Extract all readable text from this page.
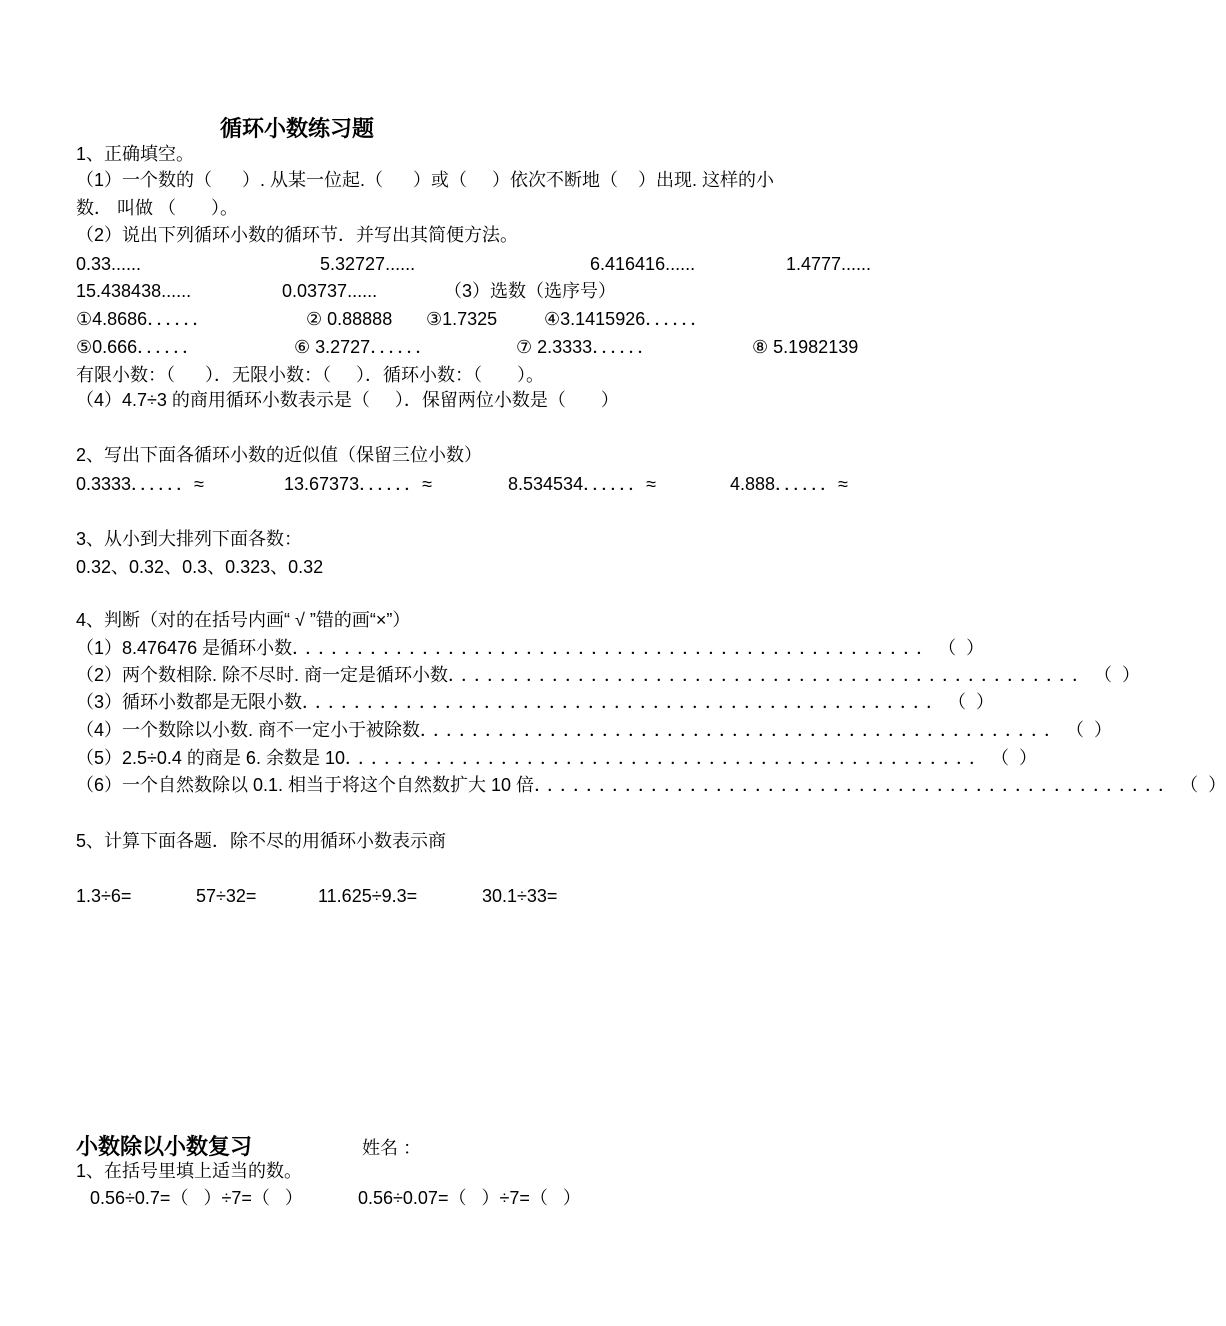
循环小数练习题
1、正确填空。
（1）一个数的（      ）. 从某一位起.（      ）或（     ）依次不断地（    ）出现. 这样的小
数． 叫做 （       ）。
（2）说出下列循环小数的循环节．并写出其简便方法。
0.33......	5.32727......	6.416416......	1.4777......
15.438438......	0.03737......	（3）选数（选序号）
①4.8686．．．．．．	② 0.88888 ③1.7325	④3.1415926．．．．．．
⑤0.666．．．．．．	⑥ 3.2727．．．．．．	⑦ 2.3333．．．．．．	⑧ 5.1982139
有限小数：（      ）．无限小数：（     ）．循环小数：（       ）。
（4）4.7÷3 的商用循环小数表示是（     ）．保留两位小数是（       ）
2、写出下面各循环小数的近似值（保留三位小数）
0.3333．．．．．．≈	13.67373．．．．．．≈	8.534534．．．．．．≈	4.888．．．．．．≈
3、从小到大排列下面各数：
0.32、0.32、0.3、0.323、0.32
4、判断（对的在括号内画“ √ ”错的画“×”）
（1）8.476476 是循环小数 ．．．．．．．．．．．．．．．．．．．．．．．．．．．．．．．．．．．．．．．．．．．．．．．．． （  ）
（2）两个数相除. 除不尽时. 商一定是循环小数 ．．．．．．．．．．．．．．．．．．．．．．．．．．．．．．．．．．．．．．．．．．．．．．．．． （  ）
（3）循环小数都是无限小数 ．．．．．．．．．．．．．．．．．．．．．．．．．．．．．．．．．．．．．．．．．．．．．．．．． （  ）
（4）一个数除以小数. 商不一定小于被除数 ．．．．．．．．．．．．．．．．．．．．．．．．．．．．．．．．．．．．．．．．．．．．．．．．． （  ）
（5）2.5÷0.4 的商是 6. 余数是 10 ．．．．．．．．．．．．．．．．．．．．．．．．．．．．．．．．．．．．．．．．．．．．．．．．． （  ）
（6）一个自然数除以 0.1. 相当于将这个自然数扩大 10 倍 ．．．．．．．．．．．．．．．．．．．．．．．．．．．．．．．．．．．．．．．．．．．．．．．．． （  ）
5、计算下面各题．除不尽的用循环小数表示商
1.3÷6=	57÷32=	11.625÷9.3=	30.1÷33=
小数除以小数复习	姓名 ：
1、在括号里填上适当的数。
0.56÷0.7=（   ）÷7=（   ）	0.56÷0.07=（   ）÷7=（   ）
